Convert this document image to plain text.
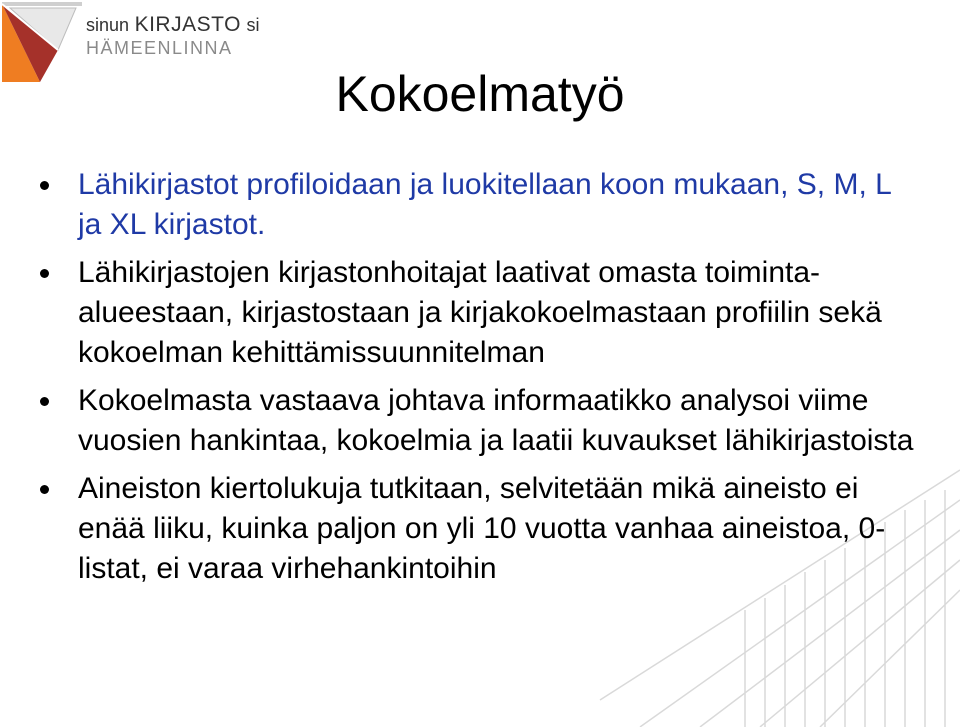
sinun KIRJASTO si
HÄMEENLINNA
Kokoelmatyö
Lähikirjastot profiloidaan ja luokitellaan koon mukaan, S, M, L ja XL kirjastot.
Lähikirjastojen kirjastonhoitajat laativat omasta toiminta-alueestaan, kirjastostaan ja kirjakokoelmastaan profiilin sekä kokoelman kehittämissuunnitelman
Kokoelmasta vastaava johtava informaatikko analysoi viime vuosien hankintaa, kokoelmia ja laatii kuvaukset lähikirjastoista
Aineiston kiertolukuja tutkitaan, selvitetään mikä aineisto ei enää liiku, kuinka paljon on yli 10 vuotta vanhaa aineistoa, 0-listat, ei varaa virhehankintoihin
